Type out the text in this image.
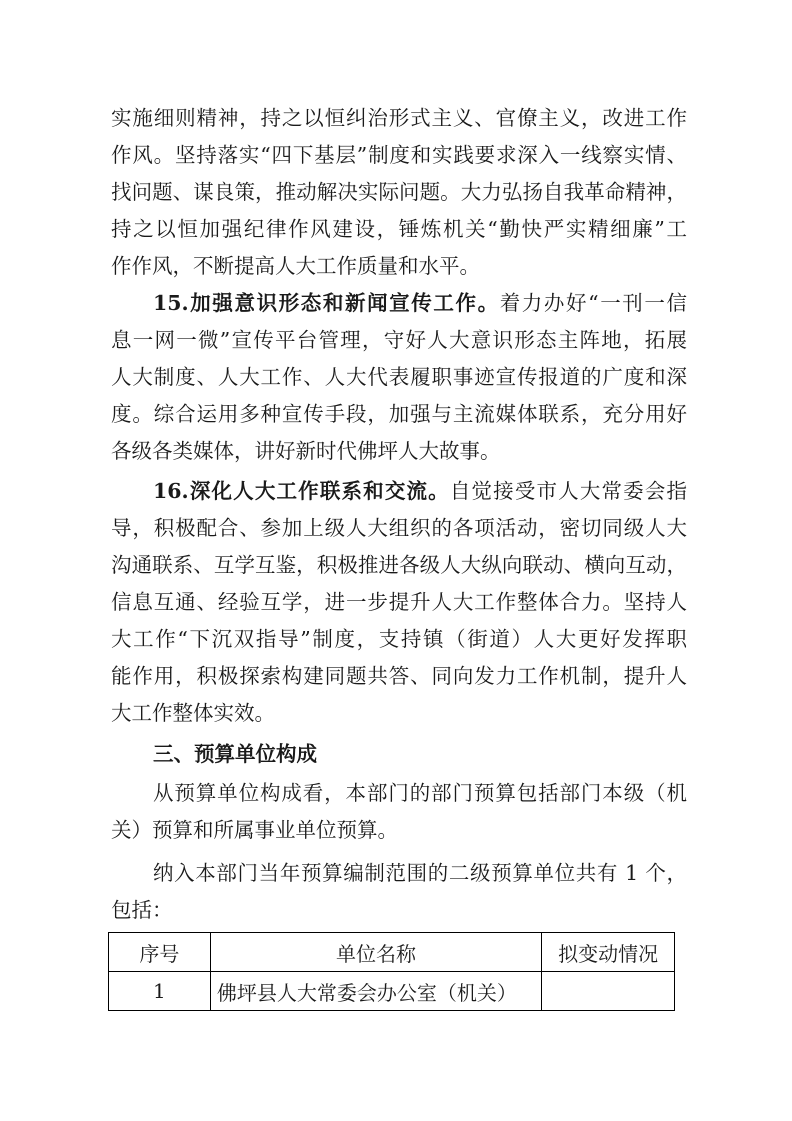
实施细则精神，持之以恒纠治形式主义、官僚主义，改进工作
作风。坚持落实“四下基层”制度和实践要求深入一线察实情、
找问题、谋良策，推动解决实际问题。大力弘扬自我革命精神，
持之以恒加强纪律作风建设，锤炼机关“勤快严实精细廉”工
作作风，不断提高人大工作质量和水平。
15.加强意识形态和新闻宣传工作。着力办好“一刊一信
息一网一微”宣传平台管理，守好人大意识形态主阵地，拓展
人大制度、人大工作、人大代表履职事迹宣传报道的广度和深
度。综合运用多种宣传手段，加强与主流媒体联系，充分用好
各级各类媒体，讲好新时代佛坪人大故事。
16.深化人大工作联系和交流。自觉接受市人大常委会指
导，积极配合、参加上级人大组织的各项活动，密切同级人大
沟通联系、互学互鉴，积极推进各级人大纵向联动、横向互动，
信息互通、经验互学，进一步提升人大工作整体合力。坚持人
大工作“下沉双指导”制度，支持镇（街道）人大更好发挥职
能作用，积极探索构建同题共答、同向发力工作机制，提升人
大工作整体实效。
三、预算单位构成
从预算单位构成看，本部门的部门预算包括部门本级（机
关）预算和所属事业单位预算。
纳入本部门当年预算编制范围的二级预算单位共有 1 个，
包括：
序号	单位名称	拟变动情况
1	佛坪县人大常委会办公室（机关）	
